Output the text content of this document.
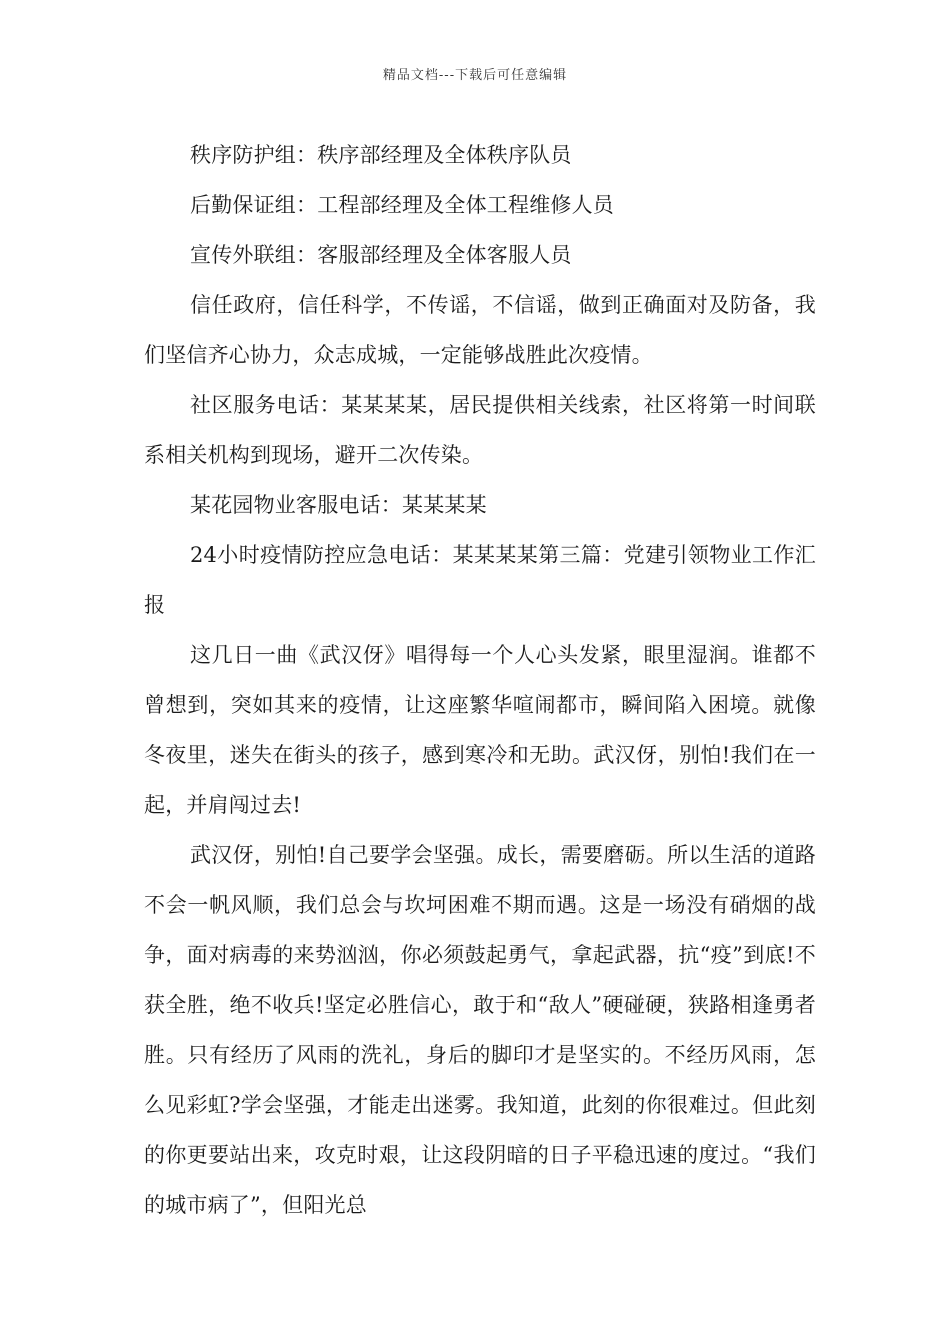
精品文档---下载后可任意编辑

秩序防护组：秩序部经理及全体秩序队员

后勤保证组：工程部经理及全体工程维修人员

宣传外联组：客服部经理及全体客服人员

信任政府，信任科学，不传谣，不信谣，做到正确面对及防备，我们坚信齐心协力，众志成城，一定能够战胜此次疫情。

社区服务电话：某某某某，居民提供相关线索，社区将第一时间联系相关机构到现场，避开二次传染。

某花园物业客服电话：某某某某

24小时疫情防控应急电话：某某某某第三篇：党建引领物业工作汇报

这几日一曲《武汉伢》唱得每一个人心头发紧，眼里湿润。谁都不曾想到，突如其来的疫情，让这座繁华喧闹都市，瞬间陷入困境。就像冬夜里，迷失在街头的孩子，感到寒冷和无助。武汉伢，别怕!我们在一起，并肩闯过去!

武汉伢，别怕!自己要学会坚强。成长，需要磨砺。所以生活的道路不会一帆风顺，我们总会与坎坷困难不期而遇。这是一场没有硝烟的战争，面对病毒的来势汹汹，你必须鼓起勇气，拿起武器，抗“疫”到底!不获全胜，绝不收兵!坚定必胜信心，敢于和“敌人”硬碰硬，狭路相逢勇者胜。只有经历了风雨的洗礼，身后的脚印才是坚实的。不经历风雨，怎么见彩虹?学会坚强，才能走出迷雾。我知道，此刻的你很难过。但此刻的你更要站出来，攻克时艰，让这段阴暗的日子平稳迅速的度过。“我们的城市病了”，但阳光总
